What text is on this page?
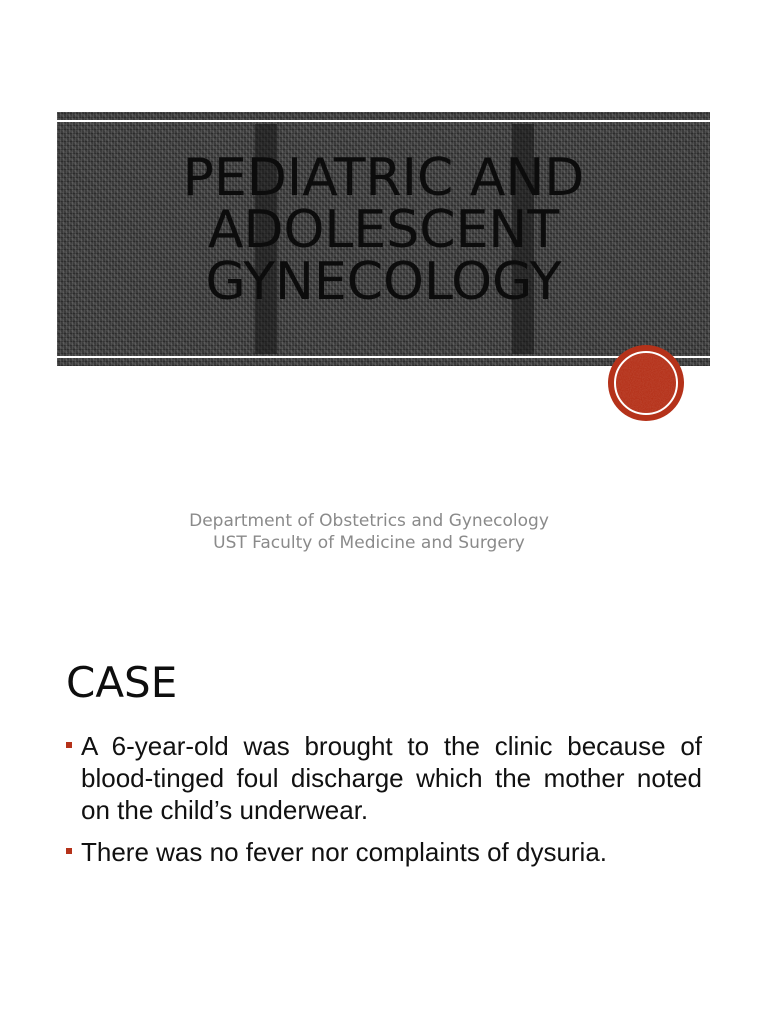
PEDIATRIC AND
ADOLESCENT
GYNECOLOGY
Department of Obstetrics and Gynecology
UST Faculty of Medicine and Surgery
CASE
A 6-year-old was brought to the clinic because of blood-tinged foul discharge which the mother noted on the child’s underwear.
There was no fever nor complaints of dysuria.
